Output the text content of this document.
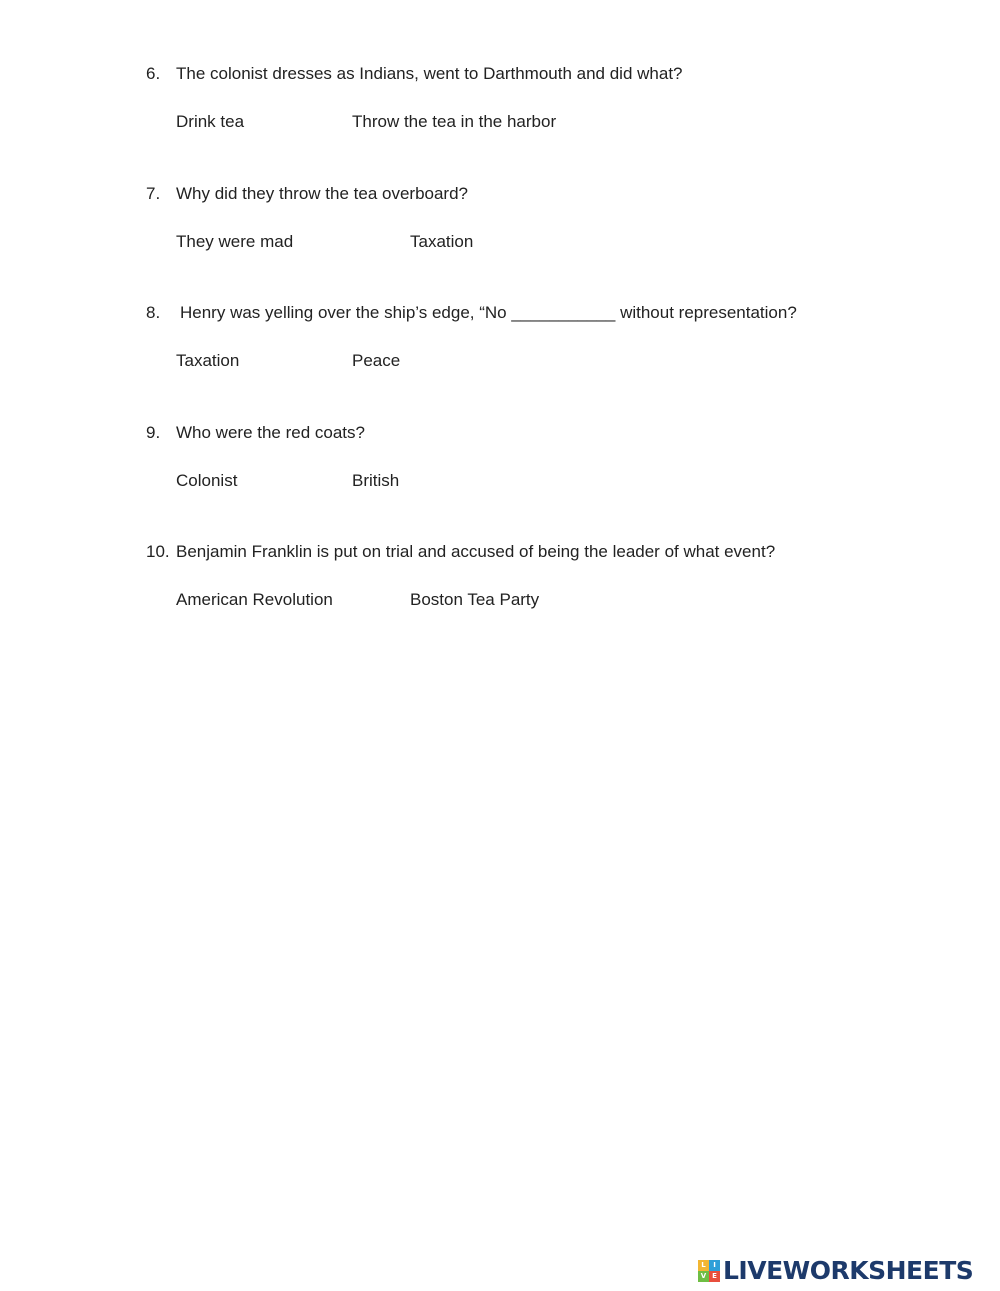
6. The colonist dresses as Indians, went to Darthmouth and did what?
Drink tea	Throw the tea in the harbor
7. Why did they throw the tea overboard?
They were mad	Taxation
8. Henry was yelling over the ship’s edge, “No ___________ without representation?
Taxation	Peace
9. Who were the red coats?
Colonist	British
10. Benjamin Franklin is put on trial and accused of being the leader of what event?
American Revolution	Boston Tea Party
L	I
V E LIVEWORKSHEETS
